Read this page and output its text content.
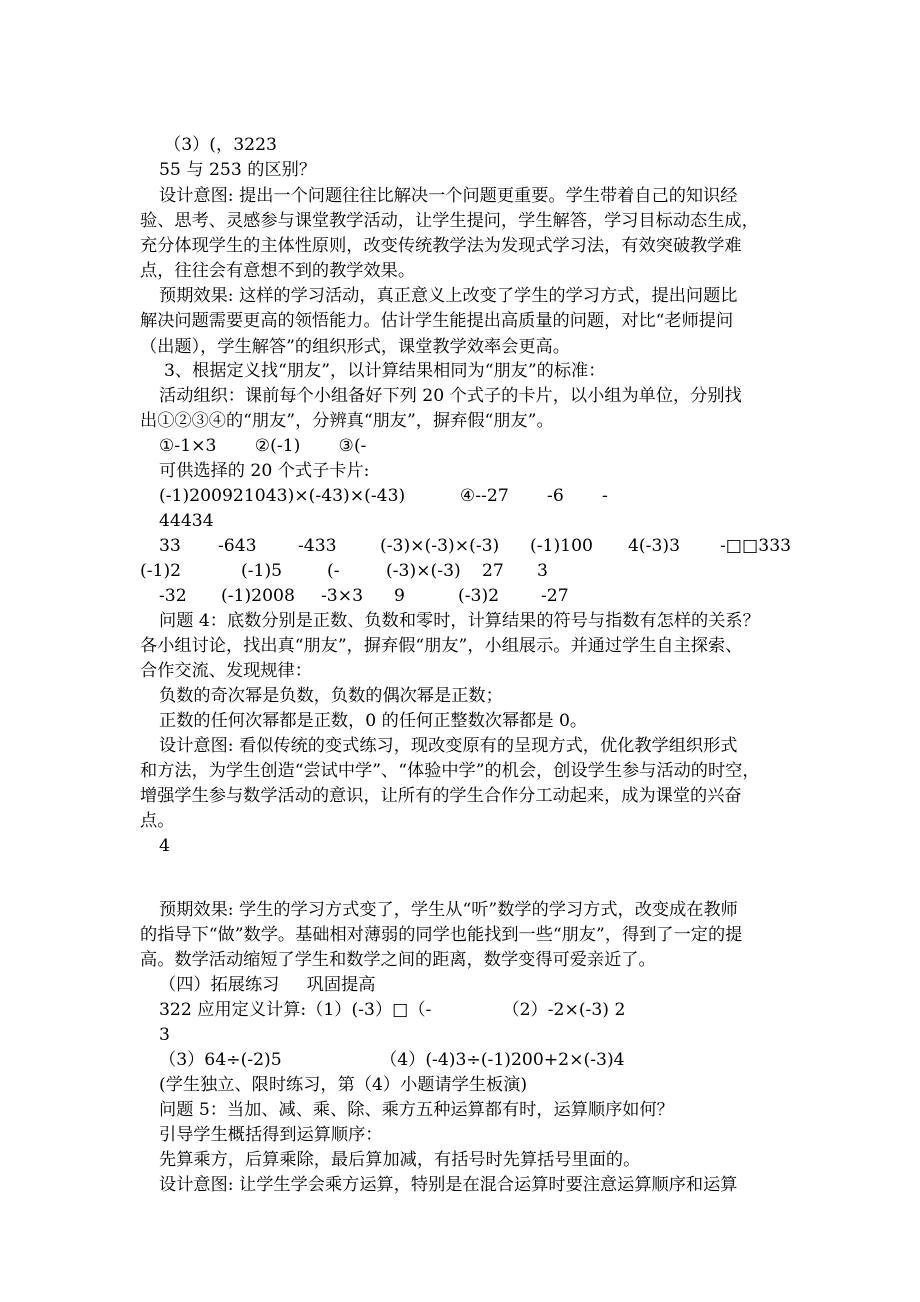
（3）(，3223
55 与 253 的区别？
设计意图: 提出一个问题往往比解决一个问题更重要。学生带着自己的知识经
验、思考、灵感参与课堂教学活动，让学生提问，学生解答，学习目标动态生成，
充分体现学生的主体性原则，改变传统教学法为发现式学习法，有效突破教学难
点，往往会有意想不到的教学效果。
预期效果: 这样的学习活动，真正意义上改变了学生的学习方式，提出问题比
解决问题需要更高的领悟能力。估计学生能提出高质量的问题，对比“老师提问
（出题），学生解答”的组织形式，课堂教学效率会更高。
3、根据定义找“朋友”，以计算结果相同为“朋友”的标准：
活动组织：课前每个小组备好下列 20 个式子的卡片，以小组为单位，分别找
出①②③④的“朋友”，分辨真“朋友”，摒弃假“朋友”。
①-1×3       ②(-1)       ③(-
可供选择的 20 个式子卡片:
(-1)200921043)×(-43)×(-43)          ④--27       -6       -
44434
33 -643 -433	(-3)×(-3)×(-3) (-1)100 4(-3)3 -□□333
(-1)2	(-1)5	(-	(-3)×(-3) 27 3
-32 (-1)2008 -3×3 9	(-3)2 -27
问题 4：底数分别是正数、负数和零时，计算结果的符号与指数有怎样的关系？
各小组讨论，找出真“朋友”，摒弃假“朋友”，小组展示。并通过学生自主探索、
合作交流、发现规律：
负数的奇次幂是负数，负数的偶次幂是正数；
正数的任何次幂都是正数，0 的任何正整数次幂都是 0。
设计意图: 看似传统的变式练习，现改变原有的呈现方式，优化教学组织形式
和方法，为学生创造“尝试中学”、“体验中学”的机会，创设学生参与活动的时空，
增强学生参与数学活动的意识，让所有的学生合作分工动起来，成为课堂的兴奋
点。
4
预期效果: 学生的学习方式变了，学生从“听”数学的学习方式，改变成在教师
的指导下“做”数学。基础相对薄弱的同学也能找到一些“朋友”，得到了一定的提
高。数学活动缩短了学生和数学之间的距离，数学变得可爱亲近了。
（四）拓展练习     巩固提高
322 应用定义计算:（1）(-3）□（-             （2）-2×(-3) 2
3
（3）64÷(-2)5                  （4）(-4)3÷(-1)200+2×(-3)4
(学生独立、限时练习，第（4）小题请学生板演)
问题 5：当加、减、乘、除、乘方五种运算都有时，运算顺序如何？
引导学生概括得到运算顺序：
先算乘方，后算乘除，最后算加减，有括号时先算括号里面的。
设计意图: 让学生学会乘方运算，特别是在混合运算时要注意运算顺序和运算
